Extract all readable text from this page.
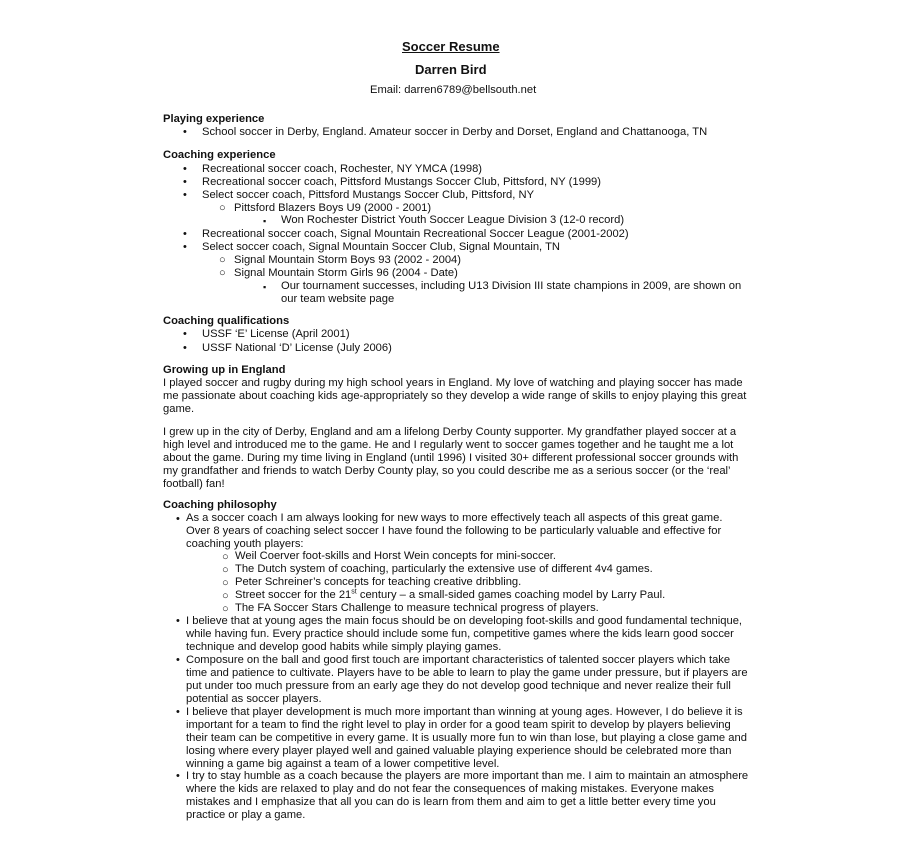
Soccer Resume
Darren Bird
Email: darren6789@bellsouth.net
Playing experience
• School soccer in Derby, England. Amateur soccer in Derby and Dorset, England and Chattanooga, TN
Coaching experience
• Recreational soccer coach, Rochester, NY YMCA (1998)
• Recreational soccer coach, Pittsford Mustangs Soccer Club, Pittsford, NY (1999)
• Select soccer coach, Pittsford Mustangs Soccer Club, Pittsford, NY
○ Pittsford Blazers Boys U9 (2000 - 2001)
▪ Won Rochester District Youth Soccer League Division 3 (12-0 record)
• Recreational soccer coach, Signal Mountain Recreational Soccer League (2001-2002)
• Select soccer coach, Signal Mountain Soccer Club, Signal Mountain, TN
○ Signal Mountain Storm Boys 93 (2002 - 2004)
○ Signal Mountain Storm Girls 96 (2004 - Date)
▪ Our tournament successes, including U13 Division III state champions in 2009, are shown on
our team website page
Coaching qualifications
• USSF ‘E’ License (April 2001)
• USSF National ‘D’ License (July 2006)
Growing up in England
I played soccer and rugby during my high school years in England. My love of watching and playing soccer has made
me passionate about coaching kids age-appropriately so they develop a wide range of skills to enjoy playing this great
game.
I grew up in the city of Derby, England and am a lifelong Derby County supporter. My grandfather played soccer at a
high level and introduced me to the game. He and I regularly went to soccer games together and he taught me a lot
about the game. During my time living in England (until 1996) I visited 30+ different professional soccer grounds with
my grandfather and friends to watch Derby County play, so you could describe me as a serious soccer (or the ‘real’
football) fan!
Coaching philosophy
• As a soccer coach I am always looking for new ways to more effectively teach all aspects of this great game.
Over 8 years of coaching select soccer I have found the following to be particularly valuable and effective for
coaching youth players:
○ Weil Coerver foot-skills and Horst Wein concepts for mini-soccer.
○ The Dutch system of coaching, particularly the extensive use of different 4v4 games.
○ Peter Schreiner’s concepts for teaching creative dribbling.
○ Street soccer for the 21st century – a small-sided games coaching model by Larry Paul.
○ The FA Soccer Stars Challenge to measure technical progress of players.
• I believe that at young ages the main focus should be on developing foot-skills and good fundamental technique,
while having fun. Every practice should include some fun, competitive games where the kids learn good soccer
technique and develop good habits while simply playing games.
• Composure on the ball and good first touch are important characteristics of talented soccer players which take
time and patience to cultivate. Players have to be able to learn to play the game under pressure, but if players are
put under too much pressure from an early age they do not develop good technique and never realize their full
potential as soccer players.
• I believe that player development is much more important than winning at young ages. However, I do believe it is
important for a team to find the right level to play in order for a good team spirit to develop by players believing
their team can be competitive in every game. It is usually more fun to win than lose, but playing a close game and
losing where every player played well and gained valuable playing experience should be celebrated more than
winning a game big against a team of a lower competitive level.
• I try to stay humble as a coach because the players are more important than me. I aim to maintain an atmosphere
where the kids are relaxed to play and do not fear the consequences of making mistakes. Everyone makes
mistakes and I emphasize that all you can do is learn from them and aim to get a little better every time you
practice or play a game.
